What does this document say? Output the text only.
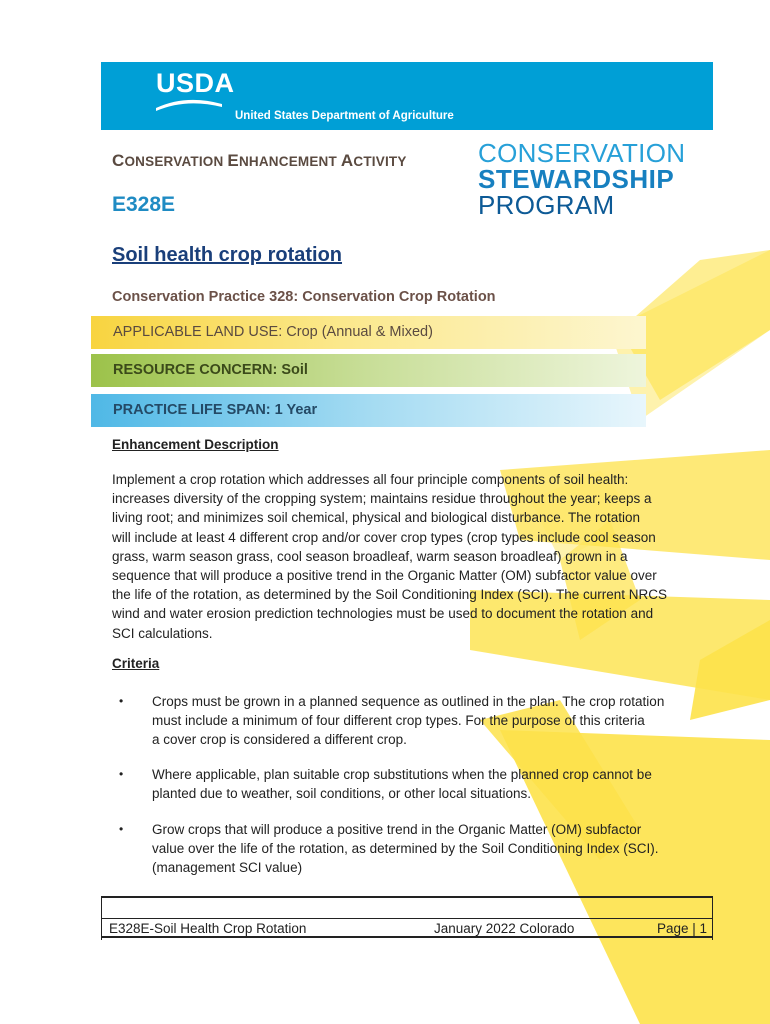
USDA
United States Department of Agriculture
CONSERVATION ENHANCEMENT ACTIVITY
E328E
CONSERVATION
STEWARDSHIP
PROGRAM
Soil health crop rotation
Conservation Practice 328: Conservation Crop Rotation
APPLICABLE LAND USE: Crop (Annual & Mixed)
RESOURCE CONCERN: Soil
PRACTICE LIFE SPAN: 1 Year
Enhancement Description
Implement a crop rotation which addresses all four principle components of soil health:
increases diversity of the cropping system; maintains residue throughout the year; keeps a
living root; and minimizes soil chemical, physical and biological disturbance. The rotation
will include at least 4 different crop and/or cover crop types (crop types include cool season
grass, warm season grass, cool season broadleaf, warm season broadleaf) grown in a
sequence that will produce a positive trend in the Organic Matter (OM) subfactor value over
the life of the rotation, as determined by the Soil Conditioning Index (SCI). The current NRCS
wind and water erosion prediction technologies must be used to document the rotation and
SCI calculations.
Criteria
• Crops must be grown in a planned sequence as outlined in the plan. The crop rotation
must include a minimum of four different crop types. For the purpose of this criteria
a cover crop is considered a different crop.
• Where applicable, plan suitable crop substitutions when the planned crop cannot be
planted due to weather, soil conditions, or other local situations.
• Grow crops that will produce a positive trend in the Organic Matter (OM) subfactor
value over the life of the rotation, as determined by the Soil Conditioning Index (SCI).
(management SCI value)
E328E-Soil Health Crop Rotation	January 2022 Colorado	Page | 1
